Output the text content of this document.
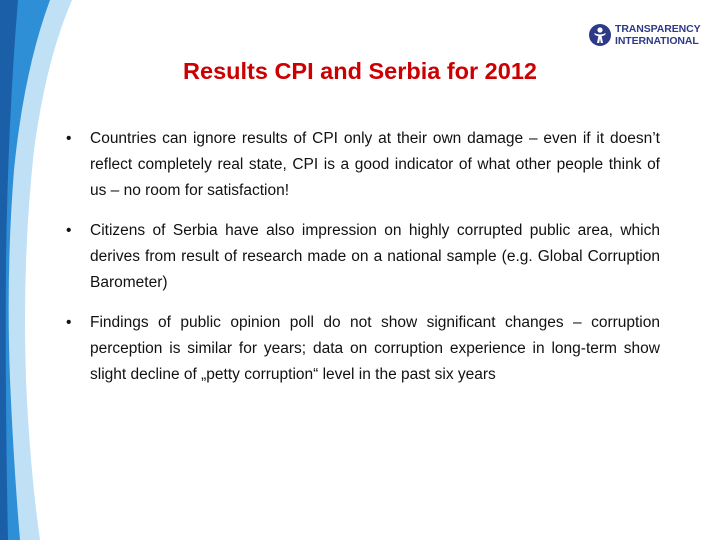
TRANSPARENCY
INTERNATIONAL
Results CPI and Serbia for 2012
• Countries can ignore results of CPI only at their own damage – even if it doesn’t reflect completely real state, CPI is a good indicator of what other people think of us – no room for satisfaction!
• Citizens of Serbia have also impression on highly corrupted public area, which derives from result of research made on a national sample (e.g. Global Corruption Barometer)
• Findings of public opinion poll do not show significant changes – corruption perception is similar for years; data on corruption experience in long-term show slight decline of „petty corruption“ level in the past six years
